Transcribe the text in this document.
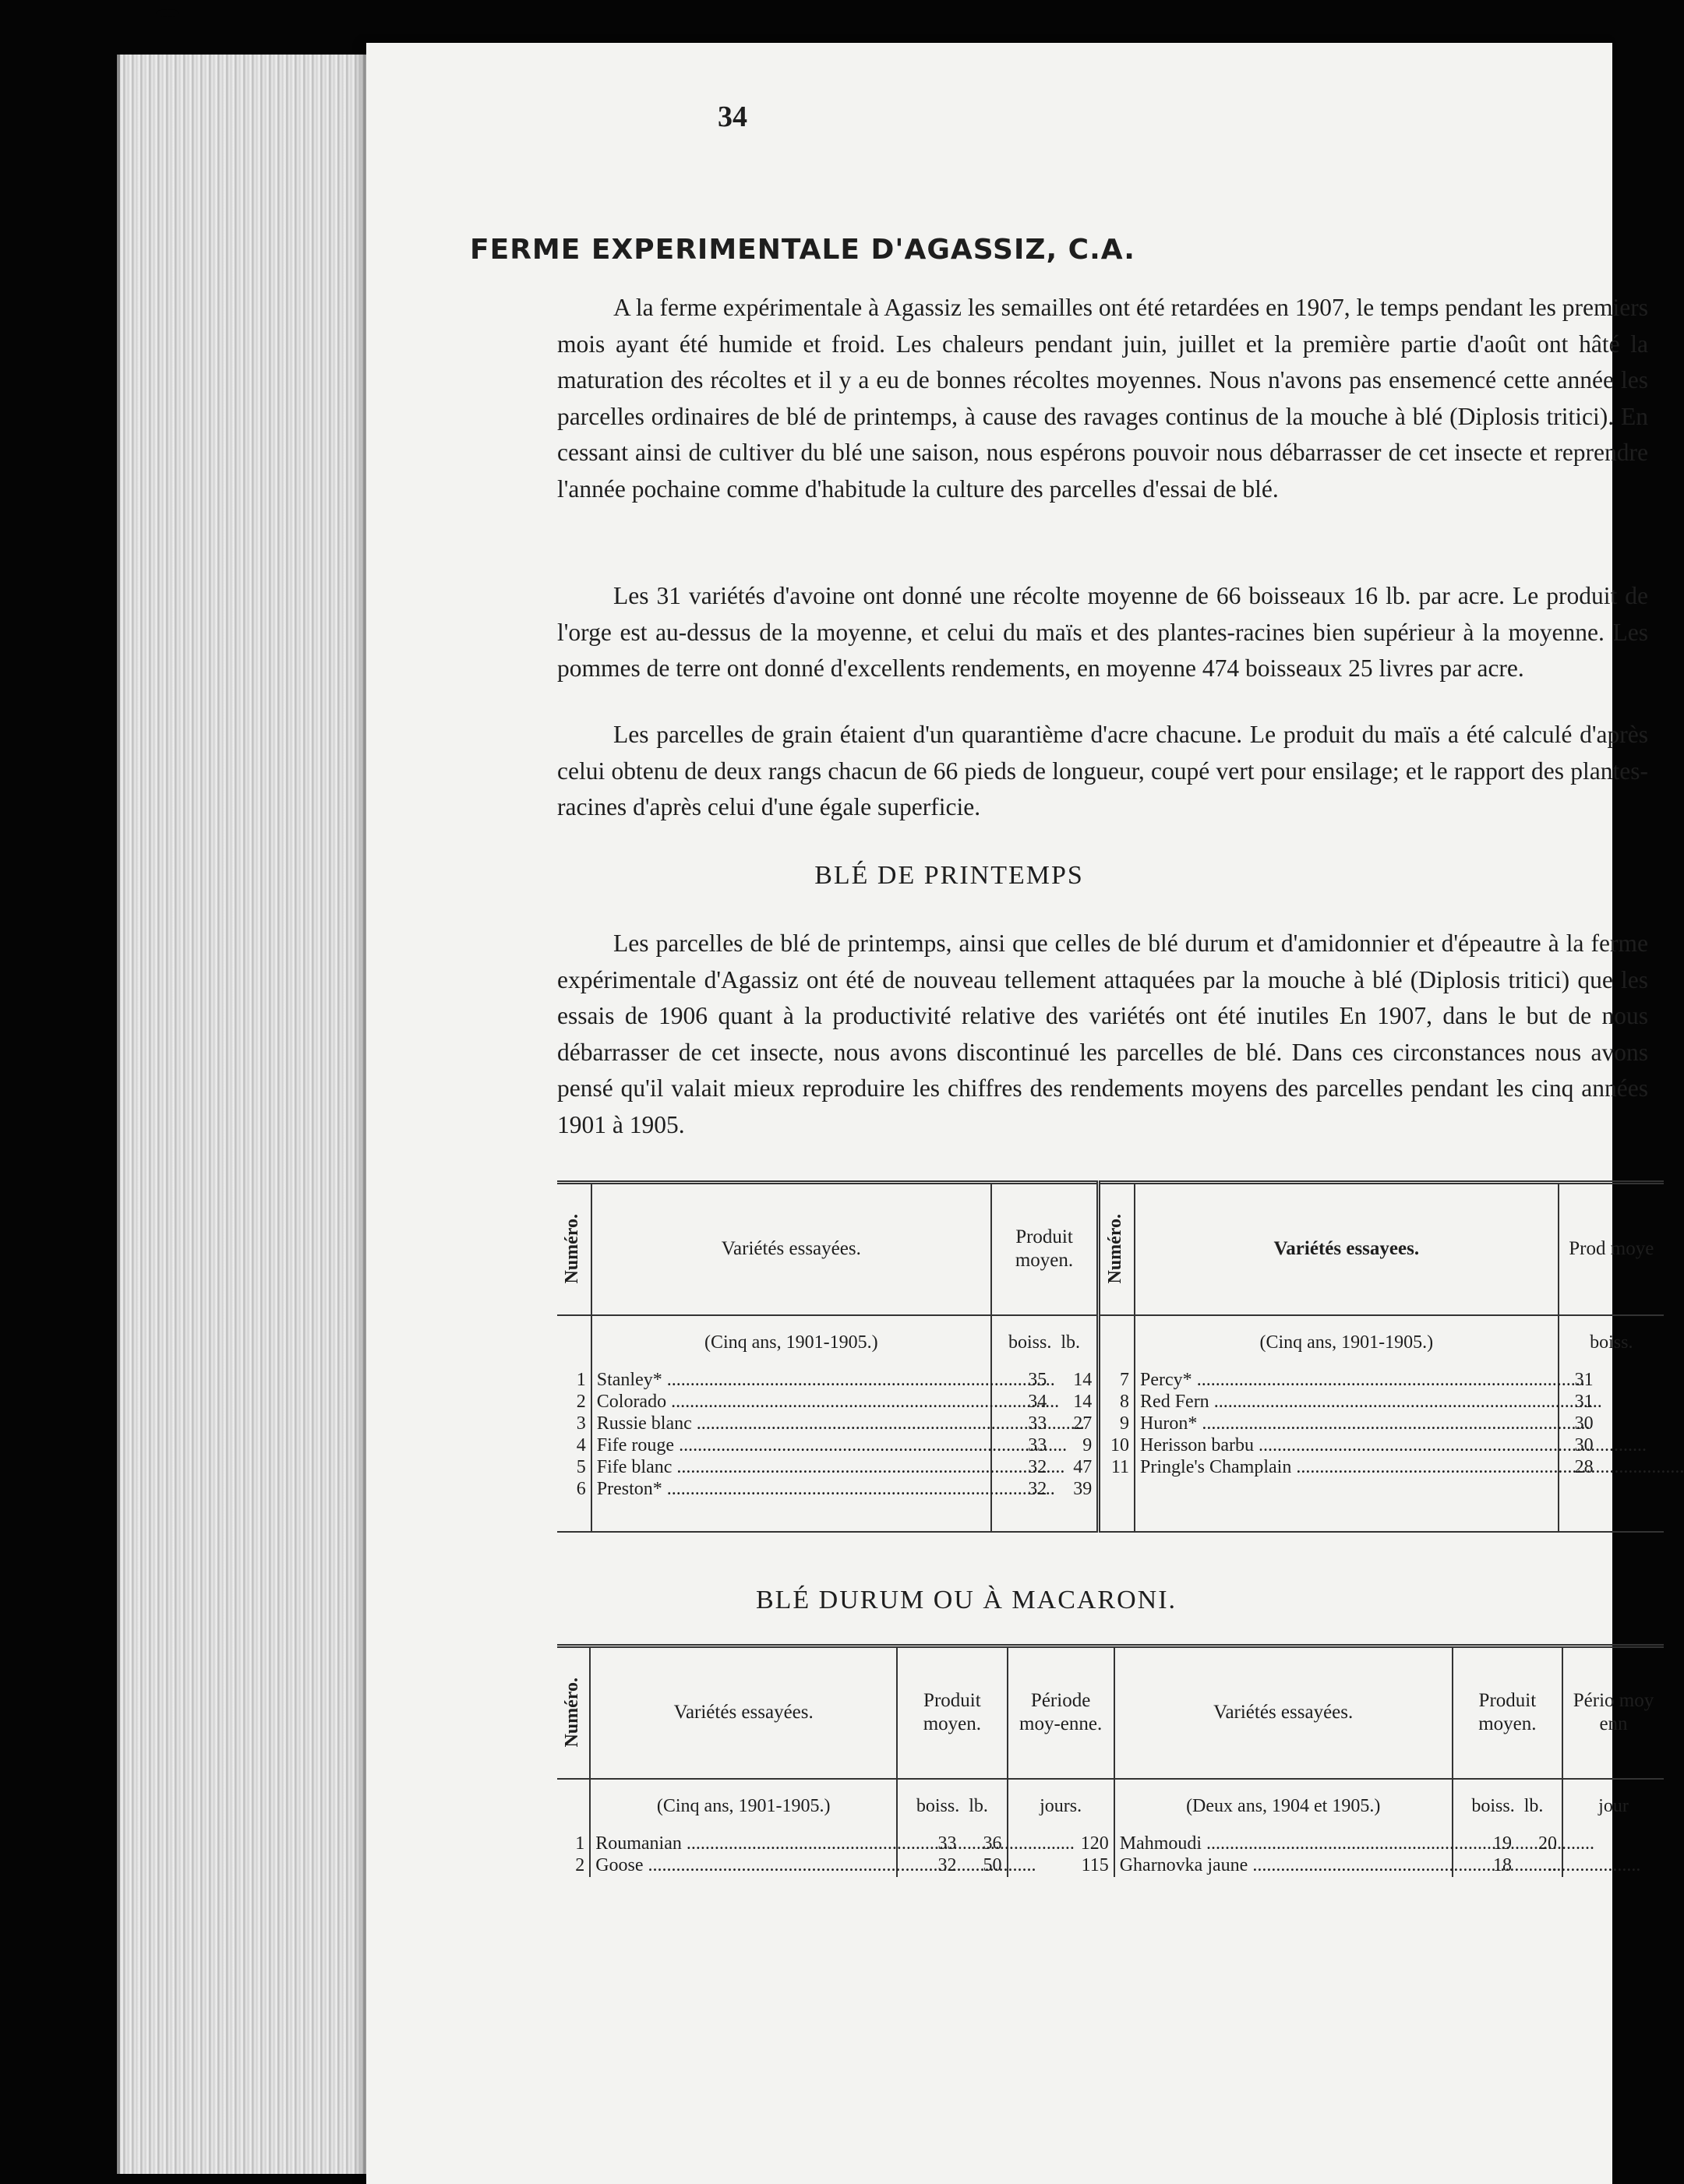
34
FERME EXPERIMENTALE D'AGASSIZ, C.A.

A la ferme expérimentale à Agassiz les semailles ont été retardées en 1907, le temps pendant les premiers mois ayant été humide et froid. Les chaleurs pendant juin, juillet et la première partie d'août ont hâté la maturation des récoltes et il y a eu de bonnes récoltes moyennes. Nous n'avons pas ensemencé cette année les parcelles ordinaires de blé de printemps, à cause des ravages continus de la mouche à blé (Diplosis tritici). En cessant ainsi de cultiver du blé une saison, nous espérons pouvoir nous débarrasser de cet insecte et reprendre l'année pochaine comme d'habitude la culture des parcelles d'essai de blé.

Les 31 variétés d'avoine ont donné une récolte moyenne de 66 boisseaux 16 lb. par acre. Le produit de l'orge est au-dessus de la moyenne, et celui du maïs et des plantes-racines bien supérieur à la moyenne. Les pommes de terre ont donné d'excellents rendements, en moyenne 474 boisseaux 25 livres par acre.

Les parcelles de grain étaient d'un quarantième d'acre chacune. Le produit du maïs a été calculé d'après celui obtenu de deux rangs chacun de 66 pieds de longueur, coupé vert pour ensilage; et le rapport des plantes-racines d'après celui d'une égale superficie.

BLÉ DE PRINTEMPS

Les parcelles de blé de printemps, ainsi que celles de blé durum et d'amidonnier et d'épeautre à la ferme expérimentale d'Agassiz ont été de nouveau tellement attaquées par la mouche à blé (Diplosis tritici) que les essais de 1906 quant à la productivité relative des variétés ont été inutiles En 1907, dans le but de nous débarrasser de cet insecte, nous avons discontinué les parcelles de blé. Dans ces circonstances nous avons pensé qu'il valait mieux reproduire les chiffres des rendements moyens des parcelles pendant les cinq années 1901 à 1905.

Numéro.	Variétés essayées.	Produit moyen.	Numéro.	Variétés essayees.	Prod moye
	(Cinq ans, 1901-1905.)	boiss. lb.		(Cinq ans, 1901-1905.)	boiss.
1	Stanley* .....	35 14	7	Percy* .....	31
2	Colorado .....	34 14	8	Red Fern .....	31
3	Russie blanc .....	33 27	9	Huron* .....	30
4	Fife rouge .....	33 9	10	Herisson barbu .....	30
5	Fife blanc .....	32 47	11	Pringle's Champlain .....	28
6	Preston* .....	32 39			

BLÉ DURUM OU À MACARONI.
Numéro.	Variétés essayées.	Produit moyen.	Période moy-enne.	Variétés essayées.	Produit moyen.	Pério moy enn
	(Cinq ans, 1901-1905.)	boiss. lb.	jours.	(Deux ans, 1904 et 1905.)	boiss. lb.	jour
1	Roumanian .....	33 36	120	Mahmoudi .....	19 20	
2	Goose .....	32 50	115	Gharnovka jaune .....	18 ..	
